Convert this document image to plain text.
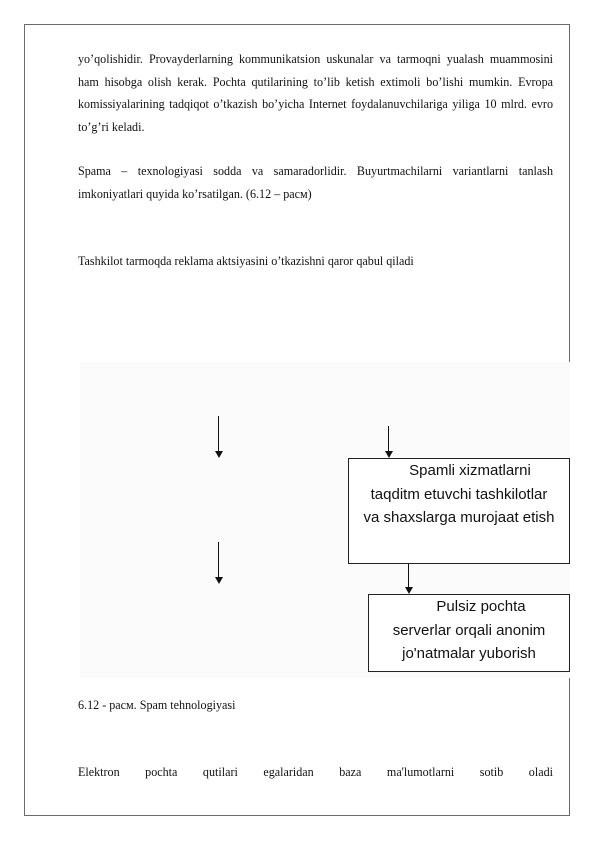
yo’qolishidir. Provayderlarning kommunikatsion uskunalar va tarmoqni yualash muammosini ham hisobga olish kerak. Pochta qutilarining to’lib ketish extimoli bo’lishi mumkin. Evropa komissiyalarining tadqiqot o’tkazish bo’yicha Internet foydalanuvchilariga yiliga 10 mlrd. evro to’g’ri keladi.
Spama – texnologiyasi sodda va samaradorlidir. Buyurtmachilarni variantlarni tanlash imkoniyatlari quyida ko’rsatilgan. (6.12 – рaсм)
Tashkilot tarmoqda reklama aktsiyasini o’tkazishni qaror qabul qiladi
Spamli xizmatlarni
taqditm etuvchi tashkilotlar
va shaxslarga murojaat etish
Pulsiz pochta
serverlar orqali anonim
jo'natmalar yuborish
6.12 - рaсм. Spam tehnologiyasi
Elektron pochta qutilari egalaridan baza ma'lumotlarni sotib oladi
